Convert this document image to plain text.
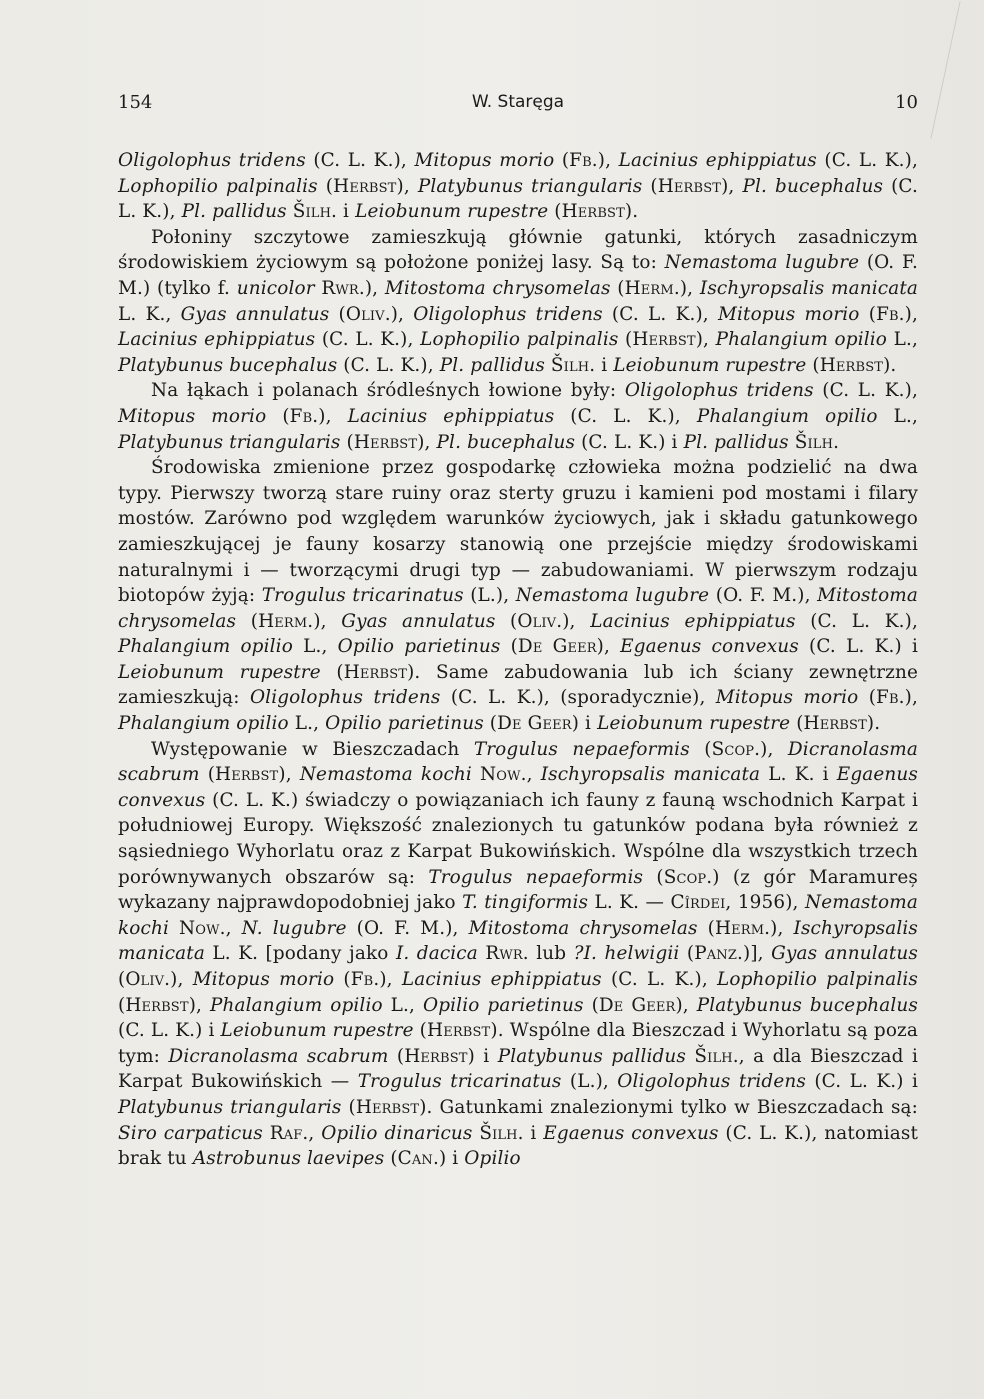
154	W. Staręga	10

Oligolophus tridens (C. L. K.), Mitopus morio (Fb.), Lacinius ephippiatus (C. L. K.), Lophopilio palpinalis (Herbst), Platybunus triangularis (Herbst), Pl. bucephalus (C. L. K.), Pl. pallidus Šilh. i Leiobunum rupestre (Herbst).

Połoniny szczytowe zamieszkują głównie gatunki, których zasadniczym środowiskiem życiowym są położone poniżej lasy. Są to: Nemastoma lugubre (O. F. M.) (tylko f. unicolor Rwr.), Mitostoma chrysomelas (Herm.), Ischyropsalis manicata L. K., Gyas annulatus (Oliv.), Oligolophus tridens (C. L. K.), Mitopus morio (Fb.), Lacinius ephippiatus (C. L. K.), Lophopilio palpinalis (Herbst), Phalangium opilio L., Platybunus bucephalus (C. L. K.), Pl. pallidus Šilh. i Leiobunum rupestre (Herbst).

Na łąkach i polanach śródleśnych łowione były: Oligolophus tridens (C. L. K.), Mitopus morio (Fb.), Lacinius ephippiatus (C. L. K.), Phalangium opilio L., Platybunus triangularis (Herbst), Pl. bucephalus (C. L. K.) i Pl. pallidus Šilh.

Środowiska zmienione przez gospodarkę człowieka można podzielić na dwa typy. Pierwszy tworzą stare ruiny oraz sterty gruzu i kamieni pod mostami i filary mostów. Zarówno pod względem warunków życiowych, jak i składu gatunkowego zamieszkującej je fauny kosarzy stanowią one przejście między środowiskami naturalnymi i — tworzącymi drugi typ — zabudowaniami. W pierwszym rodzaju biotopów żyją: Trogulus tricarinatus (L.), Nemastoma lugubre (O. F. M.), Mitostoma chrysomelas (Herm.), Gyas annulatus (Oliv.), Lacinius ephippiatus (C. L. K.), Phalangium opilio L., Opilio parietinus (De Geer), Egaenus convexus (C. L. K.) i Leiobunum rupestre (Herbst). Same zabudowania lub ich ściany zewnętrzne zamieszkują: Oligolophus tridens (C. L. K.), (sporadycznie), Mitopus morio (Fb.), Phalangium opilio L., Opilio parietinus (De Geer) i Leiobunum rupestre (Herbst).

Występowanie w Bieszczadach Trogulus nepaeformis (Scop.), Dicranolasma scabrum (Herbst), Nemastoma kochi Now., Ischyropsalis manicata L. K. i Egaenus convexus (C. L. K.) świadczy o powiązaniach ich fauny z fauną wschodnich Karpat i południowej Europy. Większość znalezionych tu gatunków podana była również z sąsiedniego Wyhorlatu oraz z Karpat Bukowińskich. Wspólne dla wszystkich trzech porównywanych obszarów są: Trogulus nepaeformis (Scop.) (z gór Maramureș wykazany najprawdopodobniej jako T. tingiformis L. K. — Cîrdei, 1956), Nemastoma kochi Now., N. lugubre (O. F. M.), Mitostoma chrysomelas (Herm.), Ischyropsalis manicata L. K. [podany jako I. dacica Rwr. lub ?I. helwigii (Panz.)], Gyas annulatus (Oliv.), Mitopus morio (Fb.), Lacinius ephippiatus (C. L. K.), Lophopilio palpinalis (Herbst), Phalangium opilio L., Opilio parietinus (De Geer), Platybunus bucephalus (C. L. K.) i Leiobunum rupestre (Herbst). Wspólne dla Bieszczad i Wyhorlatu są poza tym: Dicranolasma scabrum (Herbst) i Platybunus pallidus Šilh., a dla Bieszczad i Karpat Bukowińskich — Trogulus tricarinatus (L.), Oligolophus tridens (C. L. K.) i Platybunus triangularis (Herbst). Gatunkami znalezionymi tylko w Bieszczadach są: Siro carpaticus Raf., Opilio dinaricus Šilh. i Egaenus convexus (C. L. K.), natomiast brak tu Astrobunus laevipes (Can.) i Opilio
